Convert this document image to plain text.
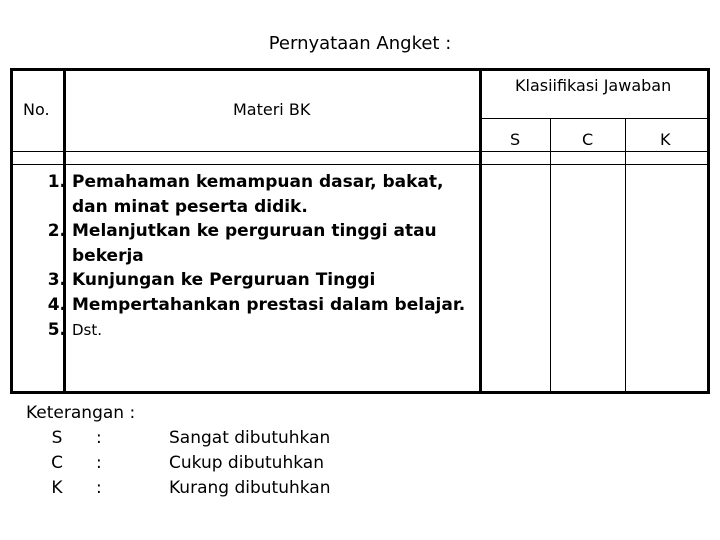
Pernyataan Angket :
No.	Materi BK
Klasiifikasi Jawaban
S	C	K
1. Pemahaman kemampuan dasar, bakat, dan minat peserta didik.
2. Melanjutkan ke perguruan tinggi atau bekerja
3. Kunjungan ke Perguruan Tinggi
4. Mempertahankan prestasi dalam belajar.
5. Dst.
Keterangan :
S :	Sangat dibutuhkan
C :	Cukup dibutuhkan
K :	Kurang dibutuhkan
